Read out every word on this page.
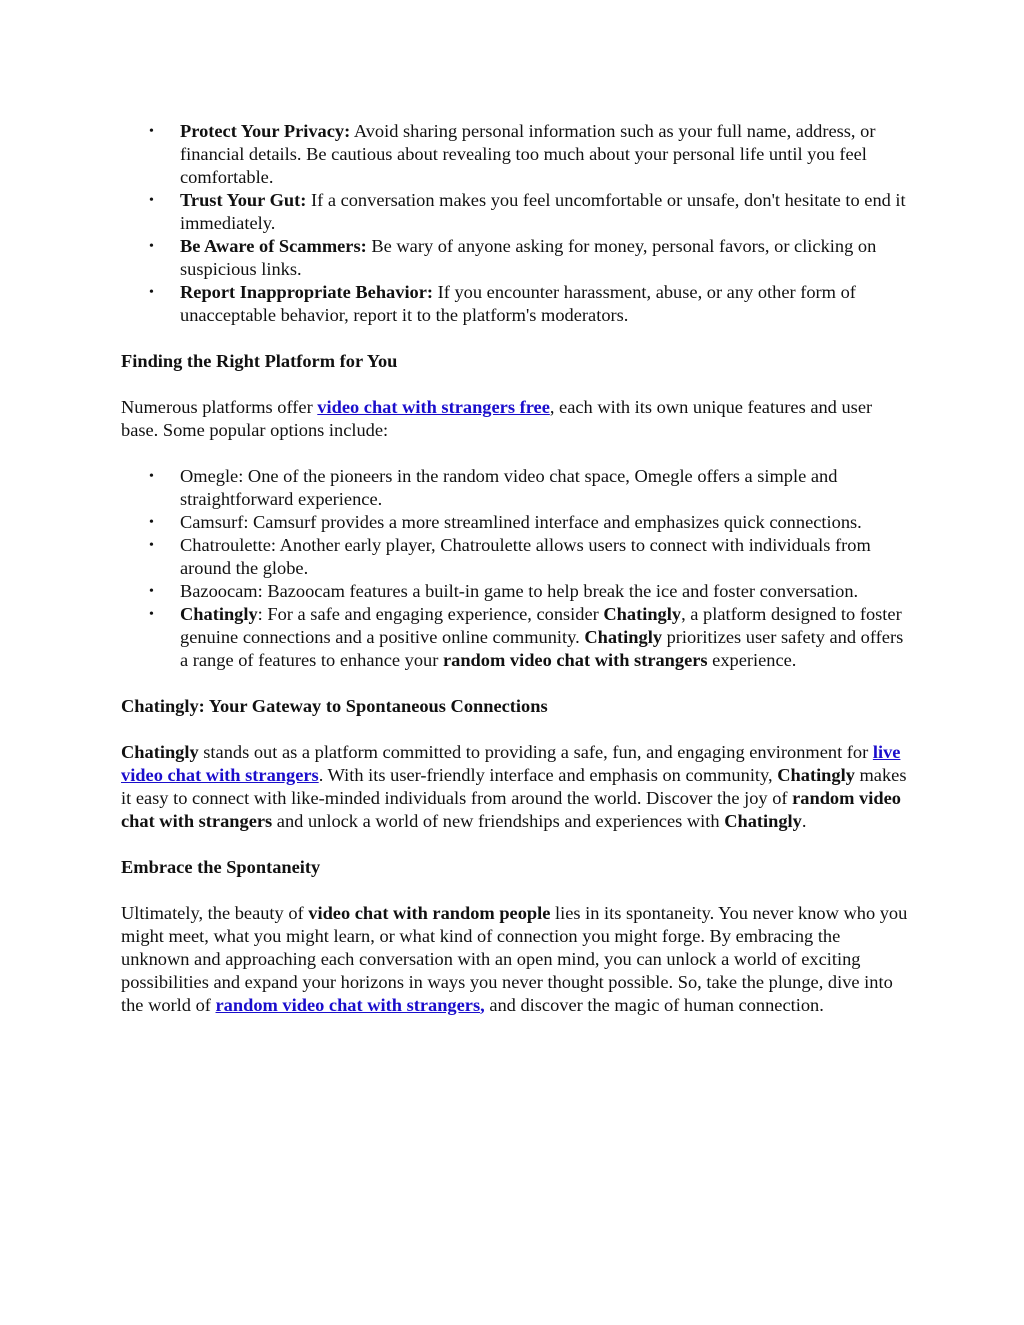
• Protect Your Privacy: Avoid sharing personal information such as your full name, address, or financial details. Be cautious about revealing too much about your personal life until you feel comfortable.
• Trust Your Gut: If a conversation makes you feel uncomfortable or unsafe, don't hesitate to end it immediately.
• Be Aware of Scammers: Be wary of anyone asking for money, personal favors, or clicking on suspicious links.
• Report Inappropriate Behavior: If you encounter harassment, abuse, or any other form of unacceptable behavior, report it to the platform's moderators.

Finding the Right Platform for You

Numerous platforms offer video chat with strangers free, each with its own unique features and user base. Some popular options include:

• Omegle: One of the pioneers in the random video chat space, Omegle offers a simple and straightforward experience.
• Camsurf: Camsurf provides a more streamlined interface and emphasizes quick connections.
• Chatroulette: Another early player, Chatroulette allows users to connect with individuals from around the globe.
• Bazoocam: Bazoocam features a built-in game to help break the ice and foster conversation.
• Chatingly: For a safe and engaging experience, consider Chatingly, a platform designed to foster genuine connections and a positive online community. Chatingly prioritizes user safety and offers a range of features to enhance your random video chat with strangers experience.

Chatingly: Your Gateway to Spontaneous Connections

Chatingly stands out as a platform committed to providing a safe, fun, and engaging environment for live video chat with strangers. With its user-friendly interface and emphasis on community, Chatingly makes it easy to connect with like-minded individuals from around the world. Discover the joy of random video chat with strangers and unlock a world of new friendships and experiences with Chatingly.

Embrace the Spontaneity

Ultimately, the beauty of video chat with random people lies in its spontaneity. You never know who you might meet, what you might learn, or what kind of connection you might forge. By embracing the unknown and approaching each conversation with an open mind, you can unlock a world of exciting possibilities and expand your horizons in ways you never thought possible. So, take the plunge, dive into the world of random video chat with strangers, and discover the magic of human connection.
